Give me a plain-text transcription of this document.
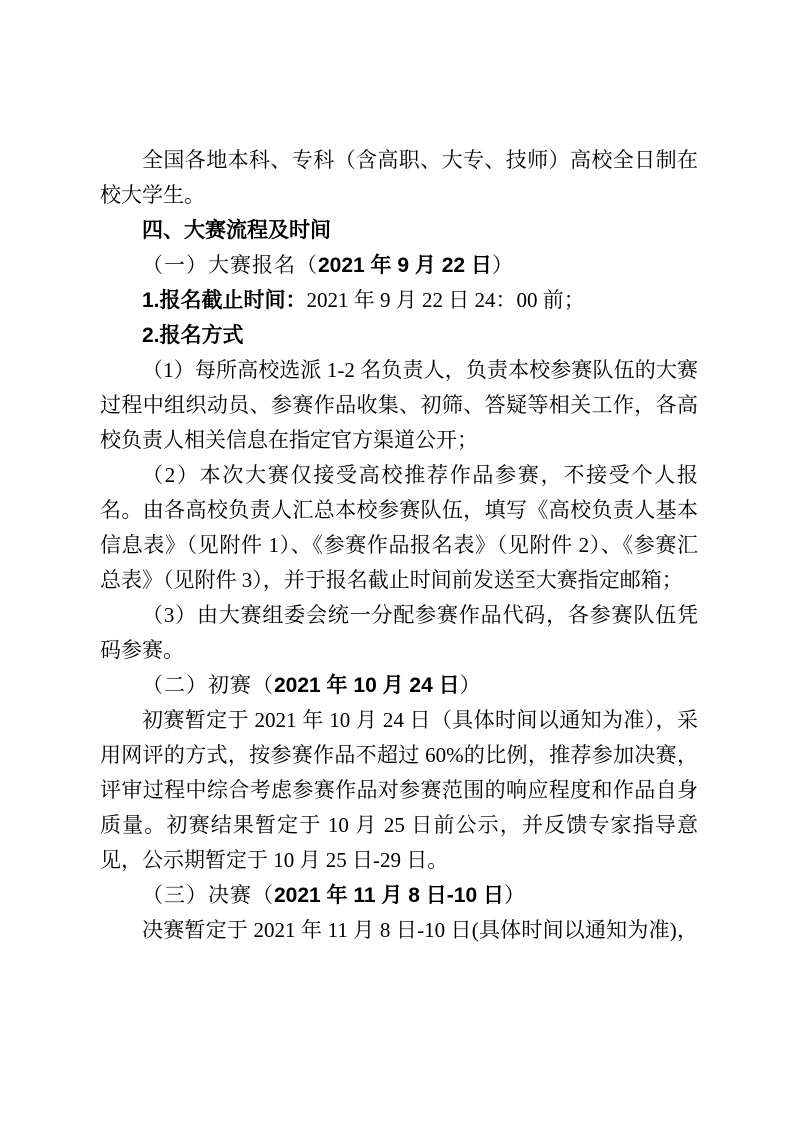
全国各地本科、专科（含高职、大专、技师）高校全日制在校大学生。

四、大赛流程及时间

（一）大赛报名（2021 年 9 月 22 日）

1.报名截止时间：2021 年 9 月 22 日 24：00 前；

2.报名方式

（1）每所高校选派 1-2 名负责人，负责本校参赛队伍的大赛过程中组织动员、参赛作品收集、初筛、答疑等相关工作，各高校负责人相关信息在指定官方渠道公开；

（2）本次大赛仅接受高校推荐作品参赛，不接受个人报名。由各高校负责人汇总本校参赛队伍，填写《高校负责人基本信息表》（见附件 1）、《参赛作品报名表》（见附件 2）、《参赛汇总表》（见附件 3），并于报名截止时间前发送至大赛指定邮箱；

（3）由大赛组委会统一分配参赛作品代码，各参赛队伍凭码参赛。

（二）初赛（2021 年 10 月 24 日）

初赛暂定于 2021 年 10 月 24 日（具体时间以通知为准），采用网评的方式，按参赛作品不超过 60%的比例，推荐参加决赛，评审过程中综合考虑参赛作品对参赛范围的响应程度和作品自身质量。初赛结果暂定于 10 月 25 日前公示，并反馈专家指导意见，公示期暂定于 10 月 25 日-29 日。

（三）决赛（2021 年 11 月 8 日-10 日）

决赛暂定于 2021 年 11 月 8 日-10 日(具体时间以通知为准)，
